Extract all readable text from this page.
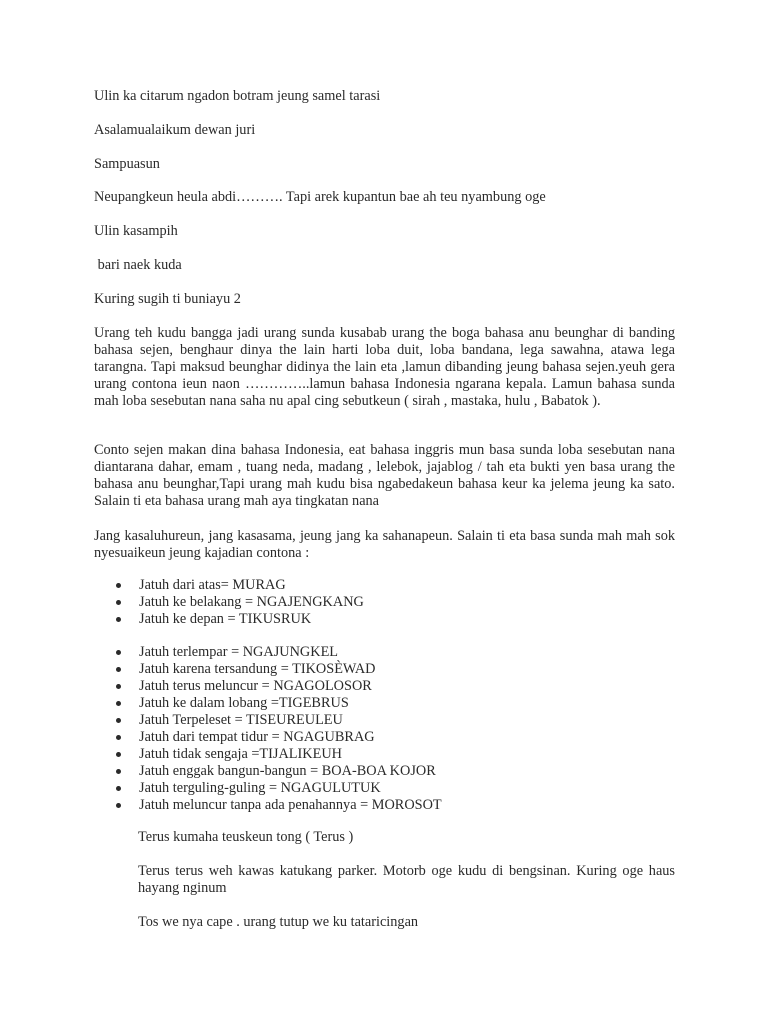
Ulin ka citarum ngadon botram jeung samel tarasi

Asalamualaikum dewan juri

Sampuasun

Neupangkeun heula abdi………. Tapi arek kupantun bae ah teu nyambung oge

Ulin kasampih

bari naek kuda

Kuring sugih ti buniayu 2

Urang teh kudu bangga jadi urang sunda kusabab urang the boga bahasa anu beunghar di banding bahasa sejen, benghaur dinya the lain harti loba duit, loba bandana, lega sawahna, atawa lega tarangna. Tapi maksud beunghar didinya the lain eta ,lamun dibanding jeung bahasa sejen.yeuh gera urang contona ieun naon …………..lamun bahasa Indonesia ngarana kepala. Lamun bahasa sunda mah loba sesebutan nana saha nu apal cing sebutkeun ( sirah , mastaka, hulu , Babatok ).

Conto sejen makan dina bahasa Indonesia, eat bahasa inggris mun basa sunda loba sesebutan nana diantarana dahar, emam , tuang neda, madang , lelebok, jajablog / tah eta bukti yen basa urang the bahasa anu beunghar,Tapi urang mah kudu bisa ngabedakeun bahasa keur ka jelema jeung ka sato. Salain ti eta bahasa urang mah aya tingkatan nana

Jang kasaluhureun, jang kasasama, jeung jang ka sahanapeun. Salain ti eta basa sunda mah mah sok nyesuaikeun jeung kajadian contona :

Jatuh dari atas= MURAG
Jatuh ke belakang = NGAJENGKANG
Jatuh ke depan = TIKUSRUK
Jatuh terlempar = NGAJUNGKEL
Jatuh karena tersandung = TIKOSÈWAD
Jatuh terus meluncur = NGAGOLOSOR
Jatuh ke dalam lobang =TIGEBRUS
Jatuh Terpeleset = TISEUREULEU
Jatuh dari tempat tidur = NGAGUBRAG
Jatuh tidak sengaja =TIJALIKEUH
Jatuh enggak bangun-bangun = BOA-BOA KOJOR
Jatuh terguling-guling = NGAGULUTUK
Jatuh meluncur tanpa ada penahannya = MOROSOT

Terus kumaha teuskeun tong ( Terus )

Terus terus weh kawas katukang parker. Motorb oge kudu di bengsinan. Kuring oge haus hayang nginum

Tos we nya cape . urang tutup we ku tataricingan
